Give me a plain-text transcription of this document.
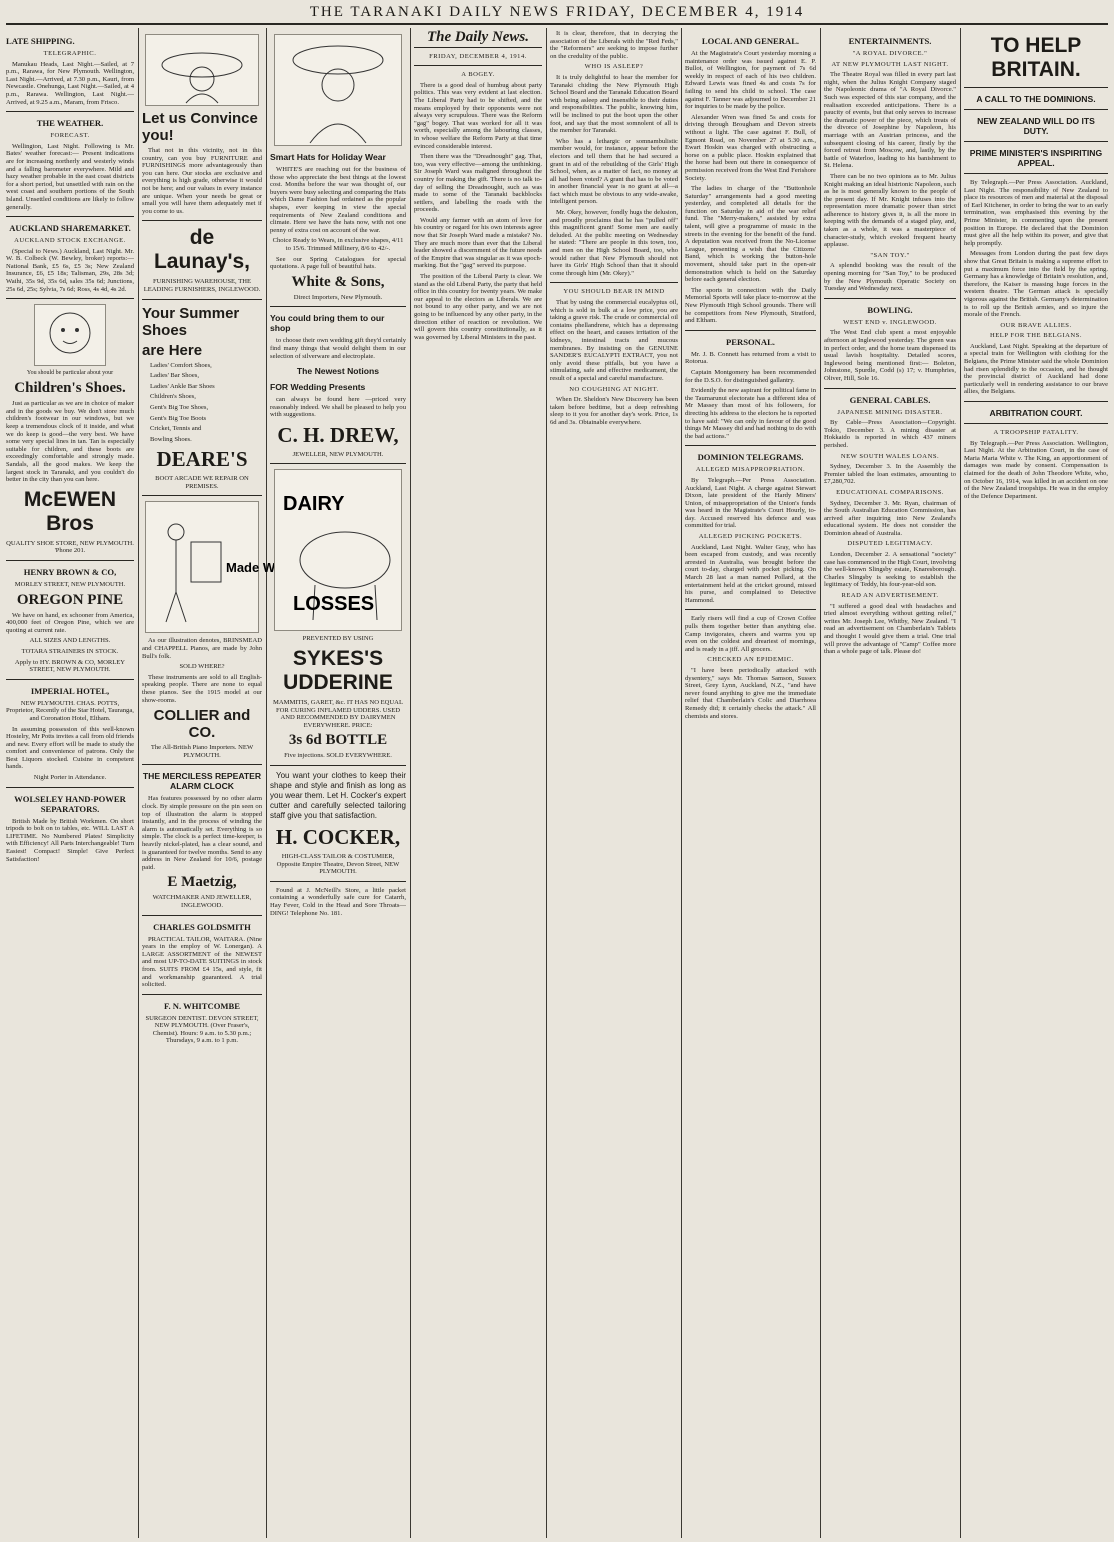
THE TARANAKI DAILY NEWS FRIDAY, DECEMBER 4, 1914
LATE SHIPPING.
TELEGRAPHIC.
Manukau Heads, Last Night.—Sailed, at 7 p.m., Rarawa, for New Plymouth. Wellington, Last Night.—Arrived, at 7.30 p.m., Kauri, from Newcastle. Onehunga, Last Night.—Sailed, at 4 p.m., Rarawa. Wellington, Last Night.—Arrived, at 9.25 a.m., Maram, from Frisco.
THE WEATHER.
FORECAST.
Wellington, Last Night. Following is Mr. Bates' weather forecast:— Present indications are for increasing northerly and westerly winds and a falling barometer everywhere. Mild and hazy weather probable in the east coast districts for a short period, but unsettled with rain on the west coast and southern portions of the South Island. Unsettled conditions are likely to follow generally.
AUCKLAND SHAREMARKET.
AUCKLAND STOCK EXCHANGE.
(Special to News.) Auckland, Last Night. Mr. W. B. Colbeck (W. Bewley, broker) reports:—National Bank, £5 6s, £5 3s; New Zealand Insurance, £6, £5 18s; Talisman, 29s, 28s 3d; Waihi, 35s 9d, 35s 6d, sales 35s 6d; Junctions, 25s 6d, 25s; Sylvia, 7s 6d; Ross, 4s 4d, 4s 2d.
You should be particular about your
Children's Shoes.
Just as particular as we are in choice of maker and in the goods we buy. We don't store much children's footwear in our windows, but we keep a tremendous clock of it inside, and what we do keep is good—the very best. We have some very special lines in tan. Tan is especially suitable for children, and these boots are exceedingly comfortable and strongly made. Sandals, all the good makes. We keep the largest stock in Taranaki, and you couldn't do better in the city than you can here.
McEWEN Bros
QUALITY SHOE STORE, NEW PLYMOUTH. 'Phone 201.
HENRY BROWN & CO,
MORLEY STREET, NEW PLYMOUTH.
OREGON PINE
We have on hand, ex schooner from America, 400,000 feet of Oregon Pine, which we are quoting at current rate.
ALL SIZES AND LENGTHS.
TOTARA STRAINERS IN STOCK.
Apply to HY. BROWN & CO, MORLEY STREET, NEW PLYMOUTH.
IMPERIAL HOTEL,
NEW PLYMOUTH. CHAS. POTTS, Proprietor, Recently of the Star Hotel, Tauranga, and Coronation Hotel, Eltham.
In assuming possession of this well-known Hostelry, Mr Potts invites a call from old friends and new. Every effort will be made to study the comfort and convenience of patrons. Only the Best Liquors stocked. Cuisine in competent hands.
Night Porter in Attendance.
WOLSELEY HAND-POWER SEPARATORS.
British Made by British Workmen. On short tripods to bolt on to tables, etc. WILL LAST A LIFETIME. No Numbered Plates! Simplicity with Efficiency! All Parts Interchangeable! Turn Easiest! Compact! Simple! Give Perfect Satisfaction!
Let us Convince you!
That not in this vicinity, not in this country, can you buy FURNITURE and FURNISHINGS more advantageously than you can here. Our stocks are exclusive and everything is high grade, otherwise it would not be here; and our values in every instance are unique. When your needs be great or small you will have them adequately met if you come to us.
de Launay's,
FURNISHING WAREHOUSE, THE LEADING FURNISHERS, INGLEWOOD.
Your Summer Shoes
are Here
Ladies' Comfort Shoes,
Ladies' Bar Shoes,
Ladies' Ankle Bar Shoes
Children's Shoes,
Gent's Big Toe Shoes,
Gent's Big Toe Boots
Cricket, Tennis and
Bowling Shoes.
DEARE'S
BOOT ARCADE WE REPAIR ON PREMISES.
Made Where?
As our illustration denotes, BRINSMEAD and CHAPPELL Pianos, are made by John Bull's folk.
SOLD WHERE?
These instruments are sold to all English-speaking people. There are none to equal these pianos. See the 1915 model at our show-rooms.
COLLIER and CO.
The All-British Piano Importers. NEW PLYMOUTH.
THE MERCILESS REPEATER ALARM CLOCK
Has features possessed by no other alarm clock. By simple pressure on the pin seen on top of illustration the alarm is stopped instantly, and in the process of winding the alarm is automatically set. Everything is so simple. The clock is a perfect time-keeper, is heavily nickel-plated, has a clear sound, and is guaranteed for twelve months. Send to any address in New Zealand for 10/6, postage paid.
E Maetzig,
WATCHMAKER AND JEWELLER, INGLEWOOD.
CHARLES GOLDSMITH
PRACTICAL TAILOR, WAITARA. (Nine years in the employ of W. Lonergan). A LARGE ASSORTMENT of the NEWEST and most UP-TO-DATE SUITINGS in stock from. SUITS FROM £4 15s, and style, fit and workmanship guaranteed. A trial solicited.
F. N. WHITCOMBE
SURGEON DENTIST. DEVON STREET, NEW PLYMOUTH. (Over Fraser's, Chemist). Hours: 9 a.m. to 5.30 p.m.; Thursdays, 9 a.m. to 1 p.m.
Smart Hats for Holiday Wear
WHITE'S are reaching out for the business of those who appreciate the best things at the lowest cost. Months before the war was thought of, our buyers were busy selecting and comparing the Hats which Dame Fashion had ordained as the popular shapes, ever keeping in view the special requirements of New Zealand conditions and climate. Here we have the hats now, with not one penny of extra cost on account of the war.
Choice Ready to Wears, in exclusive shapes, 4/11 to 15/6. Trimmed Millinery, 8/6 to 42/-.
See our Spring Catalogues for special quotations. A page full of beautiful hats.
White & Sons,
Direct Importers, New Plymouth.
You could bring them to our shop
to choose their own wedding gift they'd certainly find many things that would delight them in our selection of silverware and electroplate.
The Newest Notions
FOR Wedding Presents
can always be found here —priced very reasonably indeed. We shall be pleased to help you with suggestions.
C. H. DREW,
JEWELLER, NEW PLYMOUTH.
DAIRY
LOSSES
PREVENTED BY USING
SYKES'S UDDERINE
MAMMITIS, GARET, &c. IT HAS NO EQUAL FOR CURING INFLAMED UDDERS. USED AND RECOMMENDED BY DAIRYMEN EVERYWHERE. PRICE:
3s 6d BOTTLE
Five injections. SOLD EVERYWHERE.
You want your clothes to keep their shape and style and finish as long as you wear them. Let H. Cocker's expert cutter and carefully selected tailoring staff give you that satisfaction.
H. COCKER,
HIGH-CLASS TAILOR & COSTUMIER, Opposite Empire Theatre, Devon Street, NEW PLYMOUTH.
Found at J. McNeill's Store, a little packet containing a wonderfully safe cure for Catarrh, Hay Fever, Cold in the Head and Sore Throats—DING! Telephone No. 181.
The Daily News.
FRIDAY, DECEMBER 4, 1914.
A BOGEY.
There is a good deal of humbug about party politics. This was very evident at last election. The Liberal Party had to be shifted, and the means employed by their opponents were not always very scrupulous. There was the Reform "gag" bogey. That was worked for all it was worth, especially among the labouring classes, in whose welfare the Reform Party at that time evinced considerable interest.
Then there was the "Dreadnought" gag. That, too, was very effective—among the unthinking. Sir Joseph Ward was maligned throughout the country for making the gift. There is no talk to-day of selling the Dreadnought, such as was made to some of the Taranaki backblocks settlers, and labelling the roads with the proceeds.
Would any farmer with an atom of love for his country or regard for his own interests agree now that Sir Joseph Ward made a mistake? No. They are much more than ever that the Liberal leader showed a discernment of the future needs of the Empire that was singular as it was epoch-marking. But the "gag" served its purpose.
The position of the Liberal Party is clear. We stand as the old Liberal Party, the party that held office in this country for twenty years. We make our appeal to the electors as Liberals. We are not bound to any other party, and we are not going to be influenced by any other party, in the direction either of reaction or revolution. We will govern this country constitutionally, as it was governed by Liberal Ministers in the past.
It is clear, therefore, that in decrying the association of the Liberals with the "Red Feds," the "Reformers" are seeking to impose further on the credulity of the public.
WHO IS ASLEEP?
It is truly delightful to hear the member for Taranaki chiding the New Plymouth High School Board and the Taranaki Education Board with being asleep and insensible to their duties and responsibilities. The public, knowing him, will be inclined to put the boot upon the other foot, and say that the most somnolent of all is the member for Taranaki.
Who has a lethargic or somnambulistic member would, for instance, appear before the electors and tell them that he had secured a grant in aid of the rebuilding of the Girls' High School, when, as a matter of fact, no money at all had been voted? A grant that has to be voted in another financial year is no grant at all—a fact which must be obvious to any wide-awake, intelligent person.
Mr. Okey, however, fondly hugs the delusion, and proudly proclaims that he has "pulled off" this magnificent grant! Some men are easily deluded. At the public meeting on Wednesday he stated: "There are people in this town, too, and men on the High School Board, too, who would rather that New Plymouth should not have its Girls' High School than that it should come through him (Mr. Okey)."
YOU SHOULD BEAR IN MIND
That by using the commercial eucalyptus oil, which is sold in bulk at a low price, you are taking a grave risk. The crude or commercial oil contains phellandrene, which has a depressing effect on the heart, and causes irritation of the kidneys, intestinal tracts and mucous membranes. By insisting on the GENUINE SANDER'S EUCALYPTI EXTRACT, you not only avoid these pitfalls, but you have a stimulating, safe and effective medicament, the result of a special and careful manufacture.
NO COUGHING AT NIGHT.
When Dr. Sheldon's New Discovery has been taken before bedtime, but a deep refreshing sleep to it you for another day's work. Price, 1s 6d and 3s. Obtainable everywhere.
LOCAL AND GENERAL.
At the Magistrate's Court yesterday morning a maintenance order was issued against E. P. Bullot, of Wellington, for payment of 7s 6d weekly in respect of each of his two children. Edward Lewis was fined 4s and costs 7s for failing to send his child to school. The case against F. Tanner was adjourned to December 21 for inquiries to be made by the police.
Alexander Wren was fined 5s and costs for driving through Brougham and Devon streets without a light. The case against F. Bull, of Egmont Road, on November 27 at 5.30 a.m., Ewart Hoskin was charged with obstructing a horse on a public place. Hoskin explained that the horse had been out there in consequence of permission received from the West End Ferishore Society.
The ladies in charge of the "Buttonhole Saturday" arrangements had a good meeting yesterday, and completed all details for the function on Saturday in aid of the war relief fund. The "Merry-makers," assisted by extra talent, will give a programme of music in the streets in the evening for the benefit of the fund. A deputation was received from the No-License League, presenting a wish that the Citizens' Band, which is working the button-hole movement, should take part in the open-air demonstration which is held on the Saturday before each general election.
The sports in connection with the Daily Memorial Sports will take place to-morrow at the New Plymouth High School grounds. There will be competitors from New Plymouth, Stratford, and Eltham.
PERSONAL.
Mr. J. B. Connett has returned from a visit to Rotorua.
Captain Montgomery has been recommended for the D.S.O. for distinguished gallantry.
Evidently the new aspirant for political fame in the Taumarunui electorate has a different idea of Mr Massey than most of his followers, for directing his address to the electors he is reported to have said: "We can only in favour of the good things Mr Massey did and had nothing to do with the bad actions."
DOMINION TELEGRAMS.
ALLEGED MISAPPROPRIATION.
By Telegraph.—Per Press Association. Auckland, Last Night. A charge against Stewart Dixon, late president of the Hardy Miners' Union, of misappropriation of the Union's funds was heard in the Magistrate's Court Hourly, to-day. Accused reserved his defence and was committed for trial.
ALLEGED PICKING POCKETS.
Auckland, Last Night. Walter Gray, who has been escaped from custody, and was recently arrested in Australia, was brought before the court to-day, charged with pocket picking. On March 28 last a man named Pollard, at the entertainment held at the cricket ground, missed his purse, and complained to Detective Hammond.
Early risers will find a cup of Crown Coffee pulls them together better than anything else. Camp invigorates, cheers and warms you up even on the coldest and dreariest of mornings, and is ready in a jiff. All grocers.
CHECKED AN EPIDEMIC.
"I have been periodically attacked with dysentery," says Mr. Thomas Samson, Sussex Street, Grey Lynn, Auckland, N.Z., "and have never found anything to give me the immediate relief that Chamberlain's Colic and Diarrhoea Remedy did; it certainly checks the attack." All chemists and stores.
ENTERTAINMENTS.
"A ROYAL DIVORCE."
AT NEW PLYMOUTH LAST NIGHT.
The Theatre Royal was filled in every part last night, when the Julius Knight Company staged the Napoleonic drama of "A Royal Divorce." Such was expected of this star company, and the realisation exceeded anticipations. There is a paucity of events, but that only serves to increase the dramatic power of the piece, which treats of the divorce of Josephine by Napoleon, his marriage with an Austrian princess, and the subsequent closing of his career, firstly by the forced retreat from Moscow, and, lastly, by the battle of Waterloo, leading to his banishment to St. Helena.
There can be no two opinions as to Mr. Julius Knight making an ideal histrionic Napoleon, such as he is most generally known to the people of the present day. If Mr. Knight infuses into the representation more dramatic power than strict adherence to history gives it, is all the more in keeping with the demands of a staged play, and, taken as a whole, it was a masterpiece of character-study, which evoked frequent hearty applause.
"SAN TOY."
A splendid booking was the result of the opening morning for "San Toy," to be produced by the New Plymouth Operatic Society on Tuesday and Wednesday next.
BOWLING.
WEST END v. INGLEWOOD.
The West End club spent a most enjoyable afternoon at Inglewood yesterday. The green was in perfect order, and the home team dispensed its usual lavish hospitality. Detailed scores, Inglewood being mentioned first:— Boleton, Johnstone, Spurdle, Codd (s) 17; v. Humphries, Oliver, Hill, Sole 16.
GENERAL CABLES.
JAPANESE MINING DISASTER.
By Cable—Press Association—Copyright. Tokio, December 3. A mining disaster at Hokkaido is reported in which 437 miners perished.
NEW SOUTH WALES LOANS.
Sydney, December 3. In the Assembly the Premier tabled the loan estimates, amounting to £7,280,702.
EDUCATIONAL COMPARISONS.
Sydney, December 3. Mr. Ryan, chairman of the South Australian Education Commission, has arrived after inquiring into New Zealand's educational system. He does not consider the Dominion ahead of Australia.
DISPUTED LEGITIMACY.
London, December 2. A sensational "society" case has commenced in the High Court, involving the well-known Slingsby estate, Knaresborough. Charles Slingsby is seeking to establish the legitimacy of Teddy, his four-year-old son.
READ AN ADVERTISEMENT.
"I suffered a good deal with headaches and tried almost everything without getting relief," writes Mr. Joseph Lee, Whitby, New Zealand. "I read an advertisement on Chamberlain's Tablets and thought I would give them a trial. One trial will prove the advantage of "Camp" Coffee more than a whole page of talk. Please do!
TO HELP BRITAIN.
A CALL TO THE DOMINIONS.
NEW ZEALAND WILL DO ITS DUTY.
PRIME MINISTER'S INSPIRITING APPEAL.
By Telegraph.—Per Press Association. Auckland, Last Night. The responsibility of New Zealand to place its resources of men and material at the disposal of Earl Kitchener, in order to bring the war to an early termination, was emphasised this evening by the Prime Minister, in commenting upon the present position in Europe. He declared that the Dominion must give all the help within its power, and give that help promptly.
Messages from London during the past few days show that Great Britain is making a supreme effort to put a maximum force into the field by the spring. Germany has a knowledge of Britain's resolution, and, therefore, the Kaiser is massing huge forces in the western theatre. The German attack is specially vigorous against the British. Germany's determination is to roll up the British armies, and so injure the morale of the French.
OUR BRAVE ALLIES.
HELP FOR THE BELGIANS.
Auckland, Last Night. Speaking at the departure of a special train for Wellington with clothing for the Belgians, the Prime Minister said the whole Dominion had risen splendidly to the occasion, and he thought the provincial district of Auckland had done particularly well in rendering assistance to our brave allies, the Belgians.
ARBITRATION COURT.
A TROOPSHIP FATALITY.
By Telegraph.—Per Press Association. Wellington, Last Night. At the Arbitration Court, in the case of Maria Maria White v. The King, an apportionment of damages was made by consent. Compensation is claimed for the death of John Theodore White, who, on October 16, 1914, was killed in an accident on one of the New Zealand troopships. He was in the employ of the Defence Department.
